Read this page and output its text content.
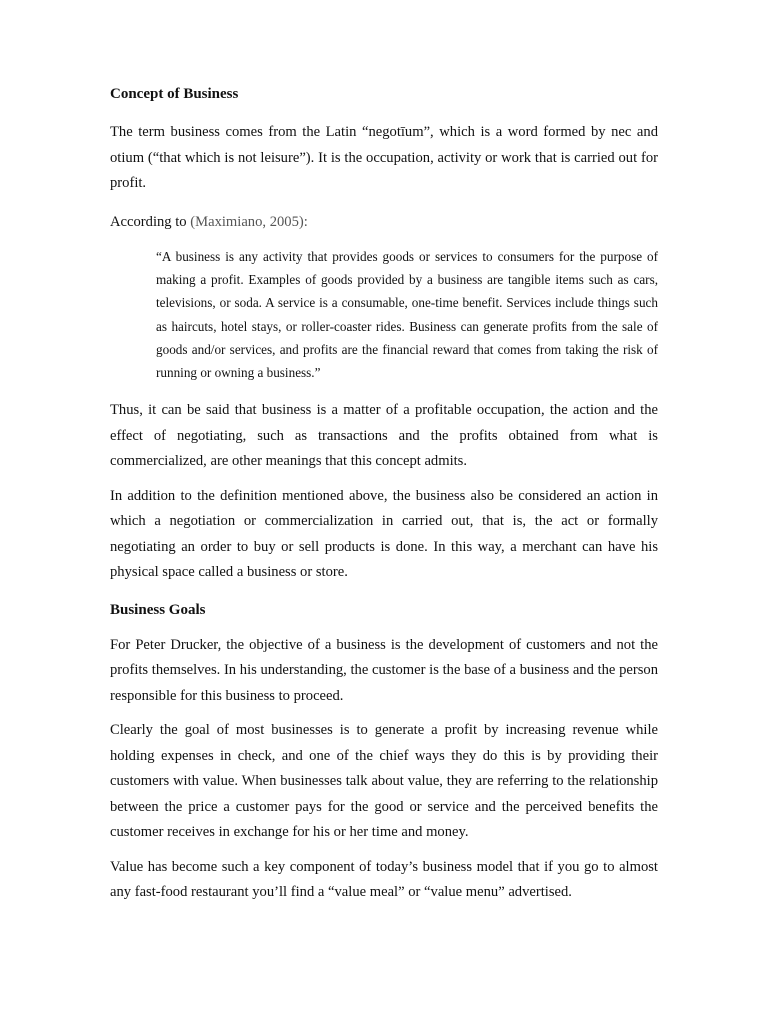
Concept of Business

The term business comes from the Latin “negotīum”, which is a word formed by nec and otium (“that which is not leisure”). It is the occupation, activity or work that is carried out for profit.

According to (Maximiano, 2005):

“A business is any activity that provides goods or services to consumers for the purpose of making a profit. Examples of goods provided by a business are tangible items such as cars, televisions, or soda. A service is a consumable, one-time benefit. Services include things such as haircuts, hotel stays, or roller-coaster rides. Business can generate profits from the sale of goods and/or services, and profits are the financial reward that comes from taking the risk of running or owning a business.”

Thus, it can be said that business is a matter of a profitable occupation, the action and the effect of negotiating, such as transactions and the profits obtained from what is commercialized, are other meanings that this concept admits.

In addition to the definition mentioned above, the business also be considered an action in which a negotiation or commercialization in carried out, that is, the act or formally negotiating an order to buy or sell products is done. In this way, a merchant can have his physical space called a business or store.

Business Goals

For Peter Drucker, the objective of a business is the development of customers and not the profits themselves. In his understanding, the customer is the base of a business and the person responsible for this business to proceed.

Clearly the goal of most businesses is to generate a profit by increasing revenue while holding expenses in check, and one of the chief ways they do this is by providing their customers with value. When businesses talk about value, they are referring to the relationship between the price a customer pays for the good or service and the perceived benefits the customer receives in exchange for his or her time and money.

Value has become such a key component of today’s business model that if you go to almost any fast-food restaurant you’ll find a “value meal” or “value menu” advertised.
